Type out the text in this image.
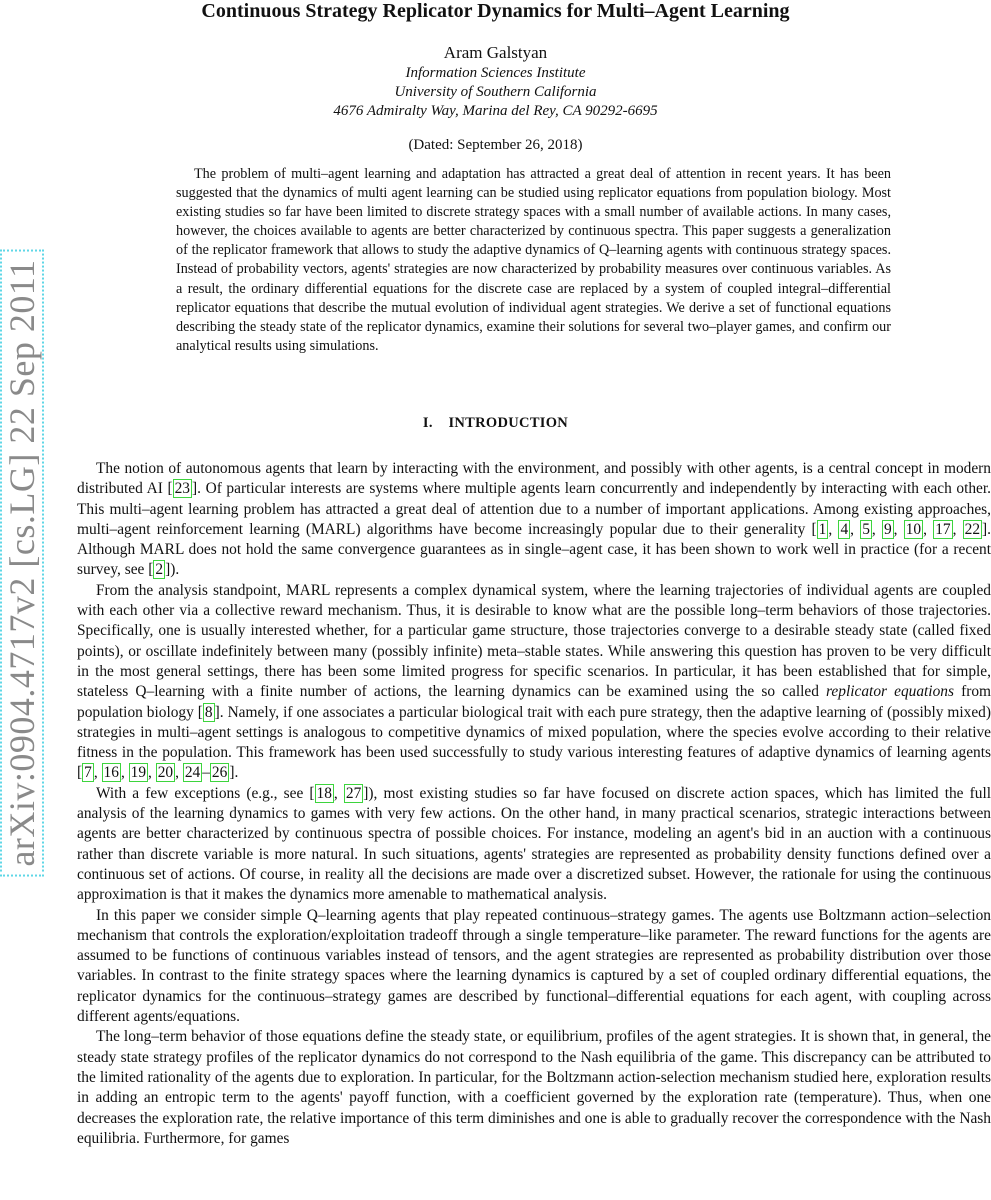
arXiv:0904.4717v2 [cs.LG] 22 Sep 2011
Continuous Strategy Replicator Dynamics for Multi–Agent Learning
Aram Galstyan
Information Sciences Institute
University of Southern California
4676 Admiralty Way, Marina del Rey, CA 90292-6695
(Dated: September 26, 2018)

The problem of multi–agent learning and adaptation has attracted a great deal of attention in recent years. It has been suggested that the dynamics of multi agent learning can be studied using replicator equations from population biology. Most existing studies so far have been limited to discrete strategy spaces with a small number of available actions. In many cases, however, the choices available to agents are better characterized by continuous spectra. This paper suggests a generalization of the replicator framework that allows to study the adaptive dynamics of Q–learning agents with continuous strategy spaces. Instead of probability vectors, agents' strategies are now characterized by probability measures over continuous variables. As a result, the ordinary differential equations for the discrete case are replaced by a system of coupled integral–differential replicator equations that describe the mutual evolution of individual agent strategies. We derive a set of functional equations describing the steady state of the replicator dynamics, examine their solutions for several two–player games, and confirm our analytical results using simulations.

I. INTRODUCTION

The notion of autonomous agents that learn by interacting with the environment, and possibly with other agents, is a central concept in modern distributed AI [ 23 ]. Of particular interests are systems where multiple agents learn concurrently and independently by interacting with each other. This multi–agent learning problem has attracted a great deal of attention due to a number of important applications. Among existing approaches, multi–agent reinforcement learning (MARL) algorithms have become increasingly popular due to their generality [ 1 , 4 , 5 , 9 , 10 , 17 , 22 ]. Although MARL does not hold the same convergence guarantees as in single–agent case, it has been shown to work well in practice (for a recent survey, see [ 2 ]).

From the analysis standpoint, MARL represents a complex dynamical system, where the learning trajectories of individual agents are coupled with each other via a collective reward mechanism. Thus, it is desirable to know what are the possible long–term behaviors of those trajectories. Specifically, one is usually interested whether, for a particular game structure, those trajectories converge to a desirable steady state (called fixed points), or oscillate indefinitely between many (possibly infinite) meta–stable states. While answering this question has proven to be very difficult in the most general settings, there has been some limited progress for specific scenarios. In particular, it has been established that for simple, stateless Q–learning with a finite number of actions, the learning dynamics can be examined using the so called replicator equations from population biology [ 8 ]. Namely, if one associates a particular biological trait with each pure strategy, then the adaptive learning of (possibly mixed) strategies in multi–agent settings is analogous to competitive dynamics of mixed population, where the species evolve according to their relative fitness in the population. This framework has been used successfully to study various interesting features of adaptive dynamics of learning agents [ 7 , 16 , 19 , 20 , 24 – 26 ].

With a few exceptions (e.g., see [ 18 , 27 ]), most existing studies so far have focused on discrete action spaces, which has limited the full analysis of the learning dynamics to games with very few actions. On the other hand, in many practical scenarios, strategic interactions between agents are better characterized by continuous spectra of possible choices. For instance, modeling an agent's bid in an auction with a continuous rather than discrete variable is more natural. In such situations, agents' strategies are represented as probability density functions defined over a continuous set of actions. Of course, in reality all the decisions are made over a discretized subset. However, the rationale for using the continuous approximation is that it makes the dynamics more amenable to mathematical analysis.

In this paper we consider simple Q–learning agents that play repeated continuous–strategy games. The agents use Boltzmann action–selection mechanism that controls the exploration/exploitation tradeoff through a single temperature–like parameter. The reward functions for the agents are assumed to be functions of continuous variables instead of tensors, and the agent strategies are represented as probability distribution over those variables. In contrast to the finite strategy spaces where the learning dynamics is captured by a set of coupled ordinary differential equations, the replicator dynamics for the continuous–strategy games are described by functional–differential equations for each agent, with coupling across different agents/equations.

The long–term behavior of those equations define the steady state, or equilibrium, profiles of the agent strategies. It is shown that, in general, the steady state strategy profiles of the replicator dynamics do not correspond to the Nash equilibria of the game. This discrepancy can be attributed to the limited rationality of the agents due to exploration. In particular, for the Boltzmann action-selection mechanism studied here, exploration results in adding an entropic term to the agents' payoff function, with a coefficient governed by the exploration rate (temperature). Thus, when one decreases the exploration rate, the relative importance of this term diminishes and one is able to gradually recover the correspondence with the Nash equilibria. Furthermore, for games
